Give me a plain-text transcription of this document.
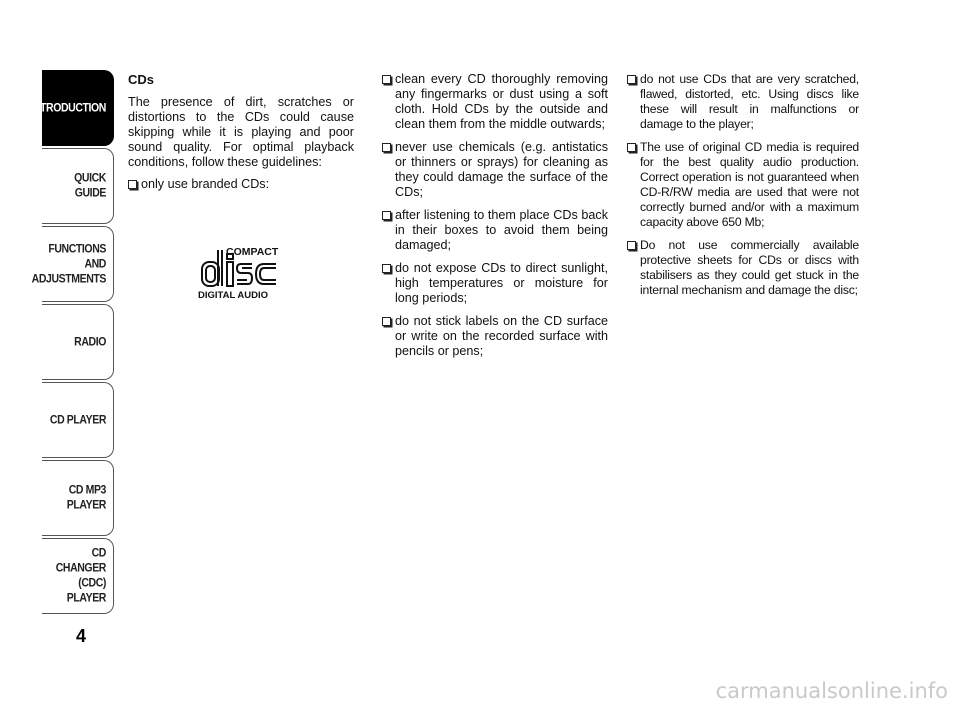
INTRODUCTION
QUICK
GUIDE
FUNCTIONS
AND
ADJUSTMENTS
RADIO
CD PLAYER
CD MP3
PLAYER
CD CHANGER
(CDC) PLAYER
4

CDs

The presence of dirt, scratches or distortions to the CDs could cause skipping while it is playing and poor sound quality. For optimal playback conditions, follow these guidelines:

only use branded CDs:
COMPACT
DIGITAL AUDIO
clean every CD thoroughly removing any fingermarks or dust using a soft cloth. Hold CDs by the outside and clean them from the middle outwards;
never use chemicals (e.g. antistatics or thinners or sprays) for cleaning as they could damage the surface of the CDs;
after listening to them place CDs back in their boxes to avoid them being damaged;
do not expose CDs to direct sunlight, high temperatures or moisture for long periods;
do not stick labels on the CD surface or write on the recorded surface with pencils or pens;
do not use CDs that are very scratched, flawed, distorted, etc. Using discs like these will result in malfunctions or damage to the player;
The use of original CD media is required for the best quality audio production. Correct operation is not guaranteed when CD-R/RW media are used that were not correctly burned and/or with a maximum capacity above 650 Mb;
Do not use commercially available protective sheets for CDs or discs with stabilisers as they could get stuck in the internal mechanism and damage the disc;
carmanualsonline.info
